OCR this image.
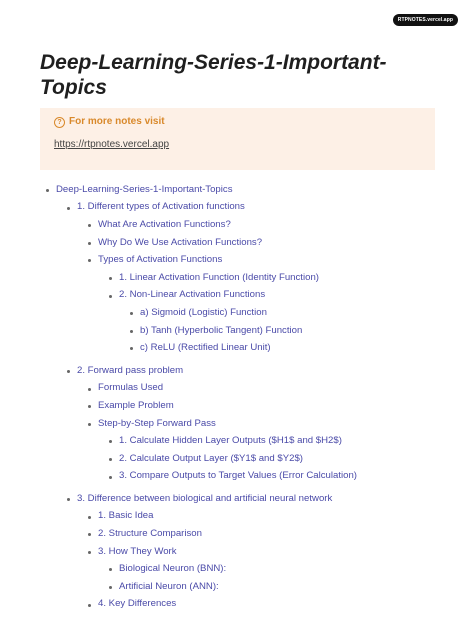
RTPNOTES.vercel.app
Deep-Learning-Series-1-Important-Topics
? For more notes visit
https://rtpnotes.vercel.app
Deep-Learning-Series-1-Important-Topics
1. Different types of Activation functions
What Are Activation Functions?
Why Do We Use Activation Functions?
Types of Activation Functions
1. Linear Activation Function (Identity Function)
2. Non-Linear Activation Functions
a) Sigmoid (Logistic) Function
b) Tanh (Hyperbolic Tangent) Function
c) ReLU (Rectified Linear Unit)
2. Forward pass problem
Formulas Used
Example Problem
Step-by-Step Forward Pass
1. Calculate Hidden Layer Outputs ($H1$ and $H2$)
2. Calculate Output Layer ($Y1$ and $Y2$)
3. Compare Outputs to Target Values (Error Calculation)
3. Difference between biological and artificial neural network
1. Basic Idea
2. Structure Comparison
3. How They Work
Biological Neuron (BNN):
Artificial Neuron (ANN):
4. Key Differences
